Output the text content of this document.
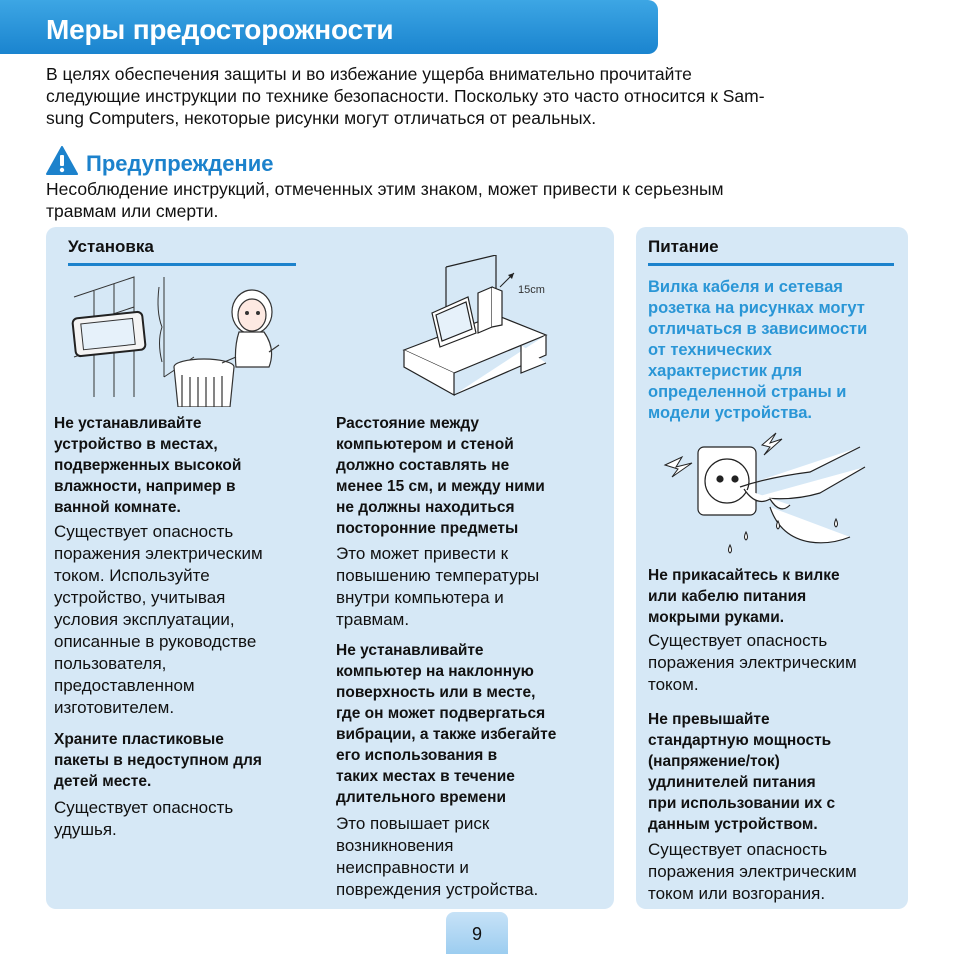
Меры предосторожности
В целях обеспечения защиты и во избежание ущерба внимательно прочитайте
следующие инструкции по технике безопасности. Поскольку это часто относится к Sam-
sung Computers, некоторые рисунки могут отличаться от реальных.
Предупреждение
Несоблюдение инструкций, отмеченных этим знаком, может привести к серьезным
травмам или смерти.
Установка
15cm
Не устанавливайте
устройство в местах,
подверженных высокой
влажности, например в
ванной комнате.
Существует опасность
поражения электрическим
током. Используйте
устройство, учитывая
условия эксплуатации,
описанные в руководстве
пользователя,
предоставленном
изготовителем.
Храните пластиковые
пакеты в недоступном для
детей месте.
Существует опасность
удушья.
Расстояние между
компьютером и стеной
должно составлять не
менее 15 см, и между ними
не должны находиться
посторонние предметы
Это может привести к
повышению температуры
внутри компьютера и
травмам.
Не устанавливайте
компьютер на наклонную
поверхность или в месте,
где он может подвергаться
вибрации, а также избегайте
его использования в
таких местах в течение
длительного времени
Это повышает риск
возникновения
неисправности и
повреждения устройства.
Питание
Вилка кабеля и сетевая
розетка на рисунках могут
отличаться в зависимости
от технических
характеристик для
определенной страны и
модели устройства.
Не прикасайтесь к вилке
или кабелю питания
мокрыми руками.
Существует опасность
поражения электрическим
током.
Не превышайте
стандартную мощность
(напряжение/ток)
удлинителей питания
при использовании их с
данным устройством.
Существует опасность
поражения электрическим
током или возгорания.
9
